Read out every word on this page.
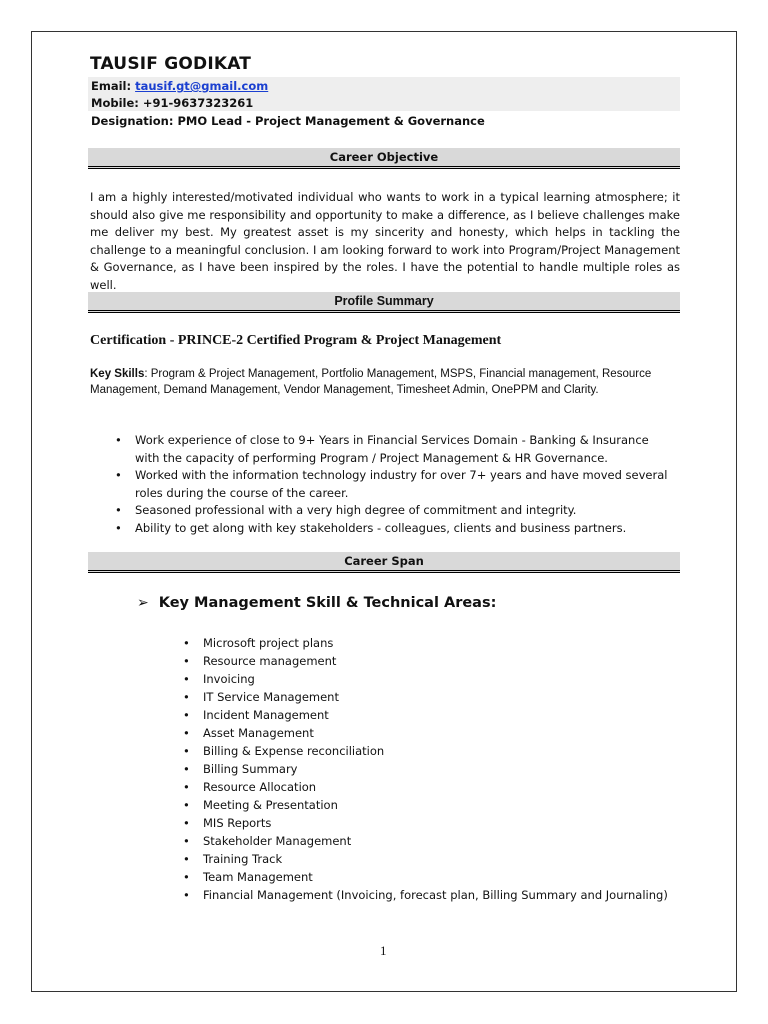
TAUSIF GODIKAT
Email: tausif.gt@gmail.com
Mobile: +91-9637323261
Designation: PMO Lead - Project Management & Governance
Career Objective
I am a highly interested/motivated individual who wants to work in a typical learning atmosphere; it should also give me responsibility and opportunity to make a difference, as I believe challenges make me deliver my best. My greatest asset is my sincerity and honesty, which helps in tackling the challenge to a meaningful conclusion. I am looking forward to work into Program/Project Management & Governance, as I have been inspired by the roles. I have the potential to handle multiple roles as well.
Profile Summary
Certification - PRINCE-2 Certified Program & Project Management
Key Skills: Program & Project Management, Portfolio Management, MSPS, Financial management, Resource Management, Demand Management, Vendor Management, Timesheet Admin, OnePPM and Clarity.
• Work experience of close to 9+ Years in Financial Services Domain - Banking & Insurance with the capacity of performing Program / Project Management & HR Governance.
• Worked with the information technology industry for over 7+ years and have moved several roles during the course of the career.
• Seasoned professional with a very high degree of commitment and integrity.
• Ability to get along with key stakeholders - colleagues, clients and business partners.
Career Span
➢ Key Management Skill & Technical Areas:
• Microsoft project plans
• Resource management
• Invoicing
• IT Service Management
• Incident Management
• Asset Management
• Billing & Expense reconciliation
• Billing Summary
• Resource Allocation
• Meeting & Presentation
• MIS Reports
• Stakeholder Management
• Training Track
• Team Management
• Financial Management (Invoicing, forecast plan, Billing Summary and Journaling)
1
